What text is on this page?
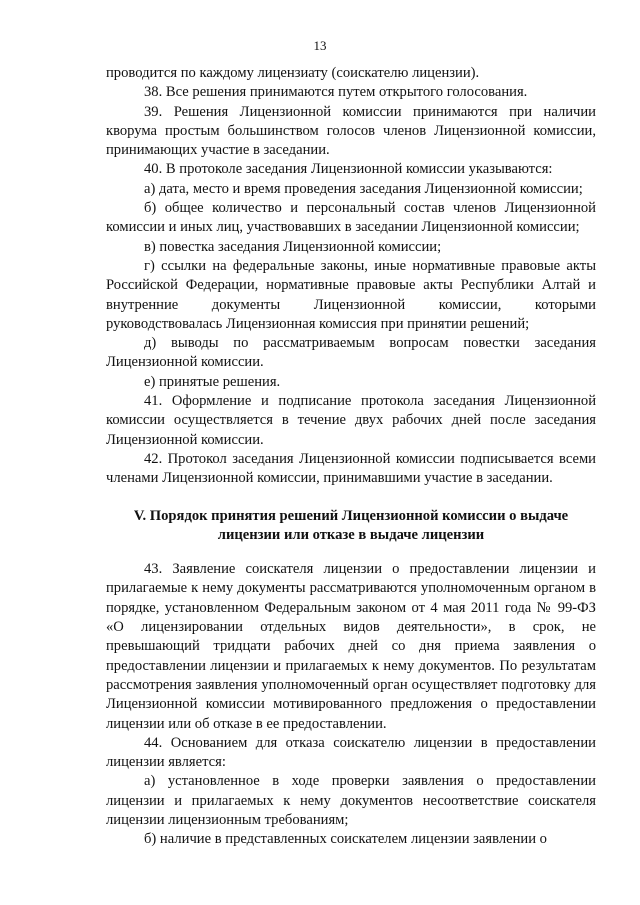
13

проводится по каждому лицензиату (соискателю лицензии).

38. Все решения принимаются путем открытого голосования.

39. Решения Лицензионной комиссии принимаются при наличии кворума простым большинством голосов членов Лицензионной комиссии, принимающих участие в заседании.

40. В протоколе заседания Лицензионной комиссии указываются:

а) дата, место и время проведения заседания Лицензионной комиссии;

б) общее количество и персональный состав членов Лицензионной комиссии и иных лиц, участвовавших в заседании Лицензионной комиссии;

в) повестка заседания Лицензионной комиссии;

г) ссылки на федеральные законы, иные нормативные правовые акты Российской Федерации, нормативные правовые акты Республики Алтай и внутренние документы Лицензионной комиссии, которыми руководствовалась Лицензионная комиссия при принятии решений;

д) выводы по рассматриваемым вопросам повестки заседания Лицензионной комиссии.

е) принятые решения.

41. Оформление и подписание протокола заседания Лицензионной комиссии осуществляется в течение двух рабочих дней после заседания Лицензионной комиссии.

42. Протокол заседания Лицензионной комиссии подписывается всеми членами Лицензионной комиссии, принимавшими участие в заседании.

V. Порядок принятия решений Лицензионной комиссии о выдаче лицензии или отказе в выдаче лицензии

43. Заявление соискателя лицензии о предоставлении лицензии и прилагаемые к нему документы рассматриваются уполномоченным органом в порядке, установленном Федеральным законом от 4 мая 2011 года № 99-ФЗ «О лицензировании отдельных видов деятельности», в срок, не превышающий тридцати рабочих дней со дня приема заявления о предоставлении лицензии и прилагаемых к нему документов. По результатам рассмотрения заявления уполномоченный орган осуществляет подготовку для Лицензионной комиссии мотивированного предложения о предоставлении лицензии или об отказе в ее предоставлении.

44. Основанием для отказа соискателю лицензии в предоставлении лицензии является:

а) установленное в ходе проверки заявления о предоставлении лицензии и прилагаемых к нему документов несоответствие соискателя лицензии лицензионным требованиям;

б) наличие в представленных соискателем лицензии заявлении о
